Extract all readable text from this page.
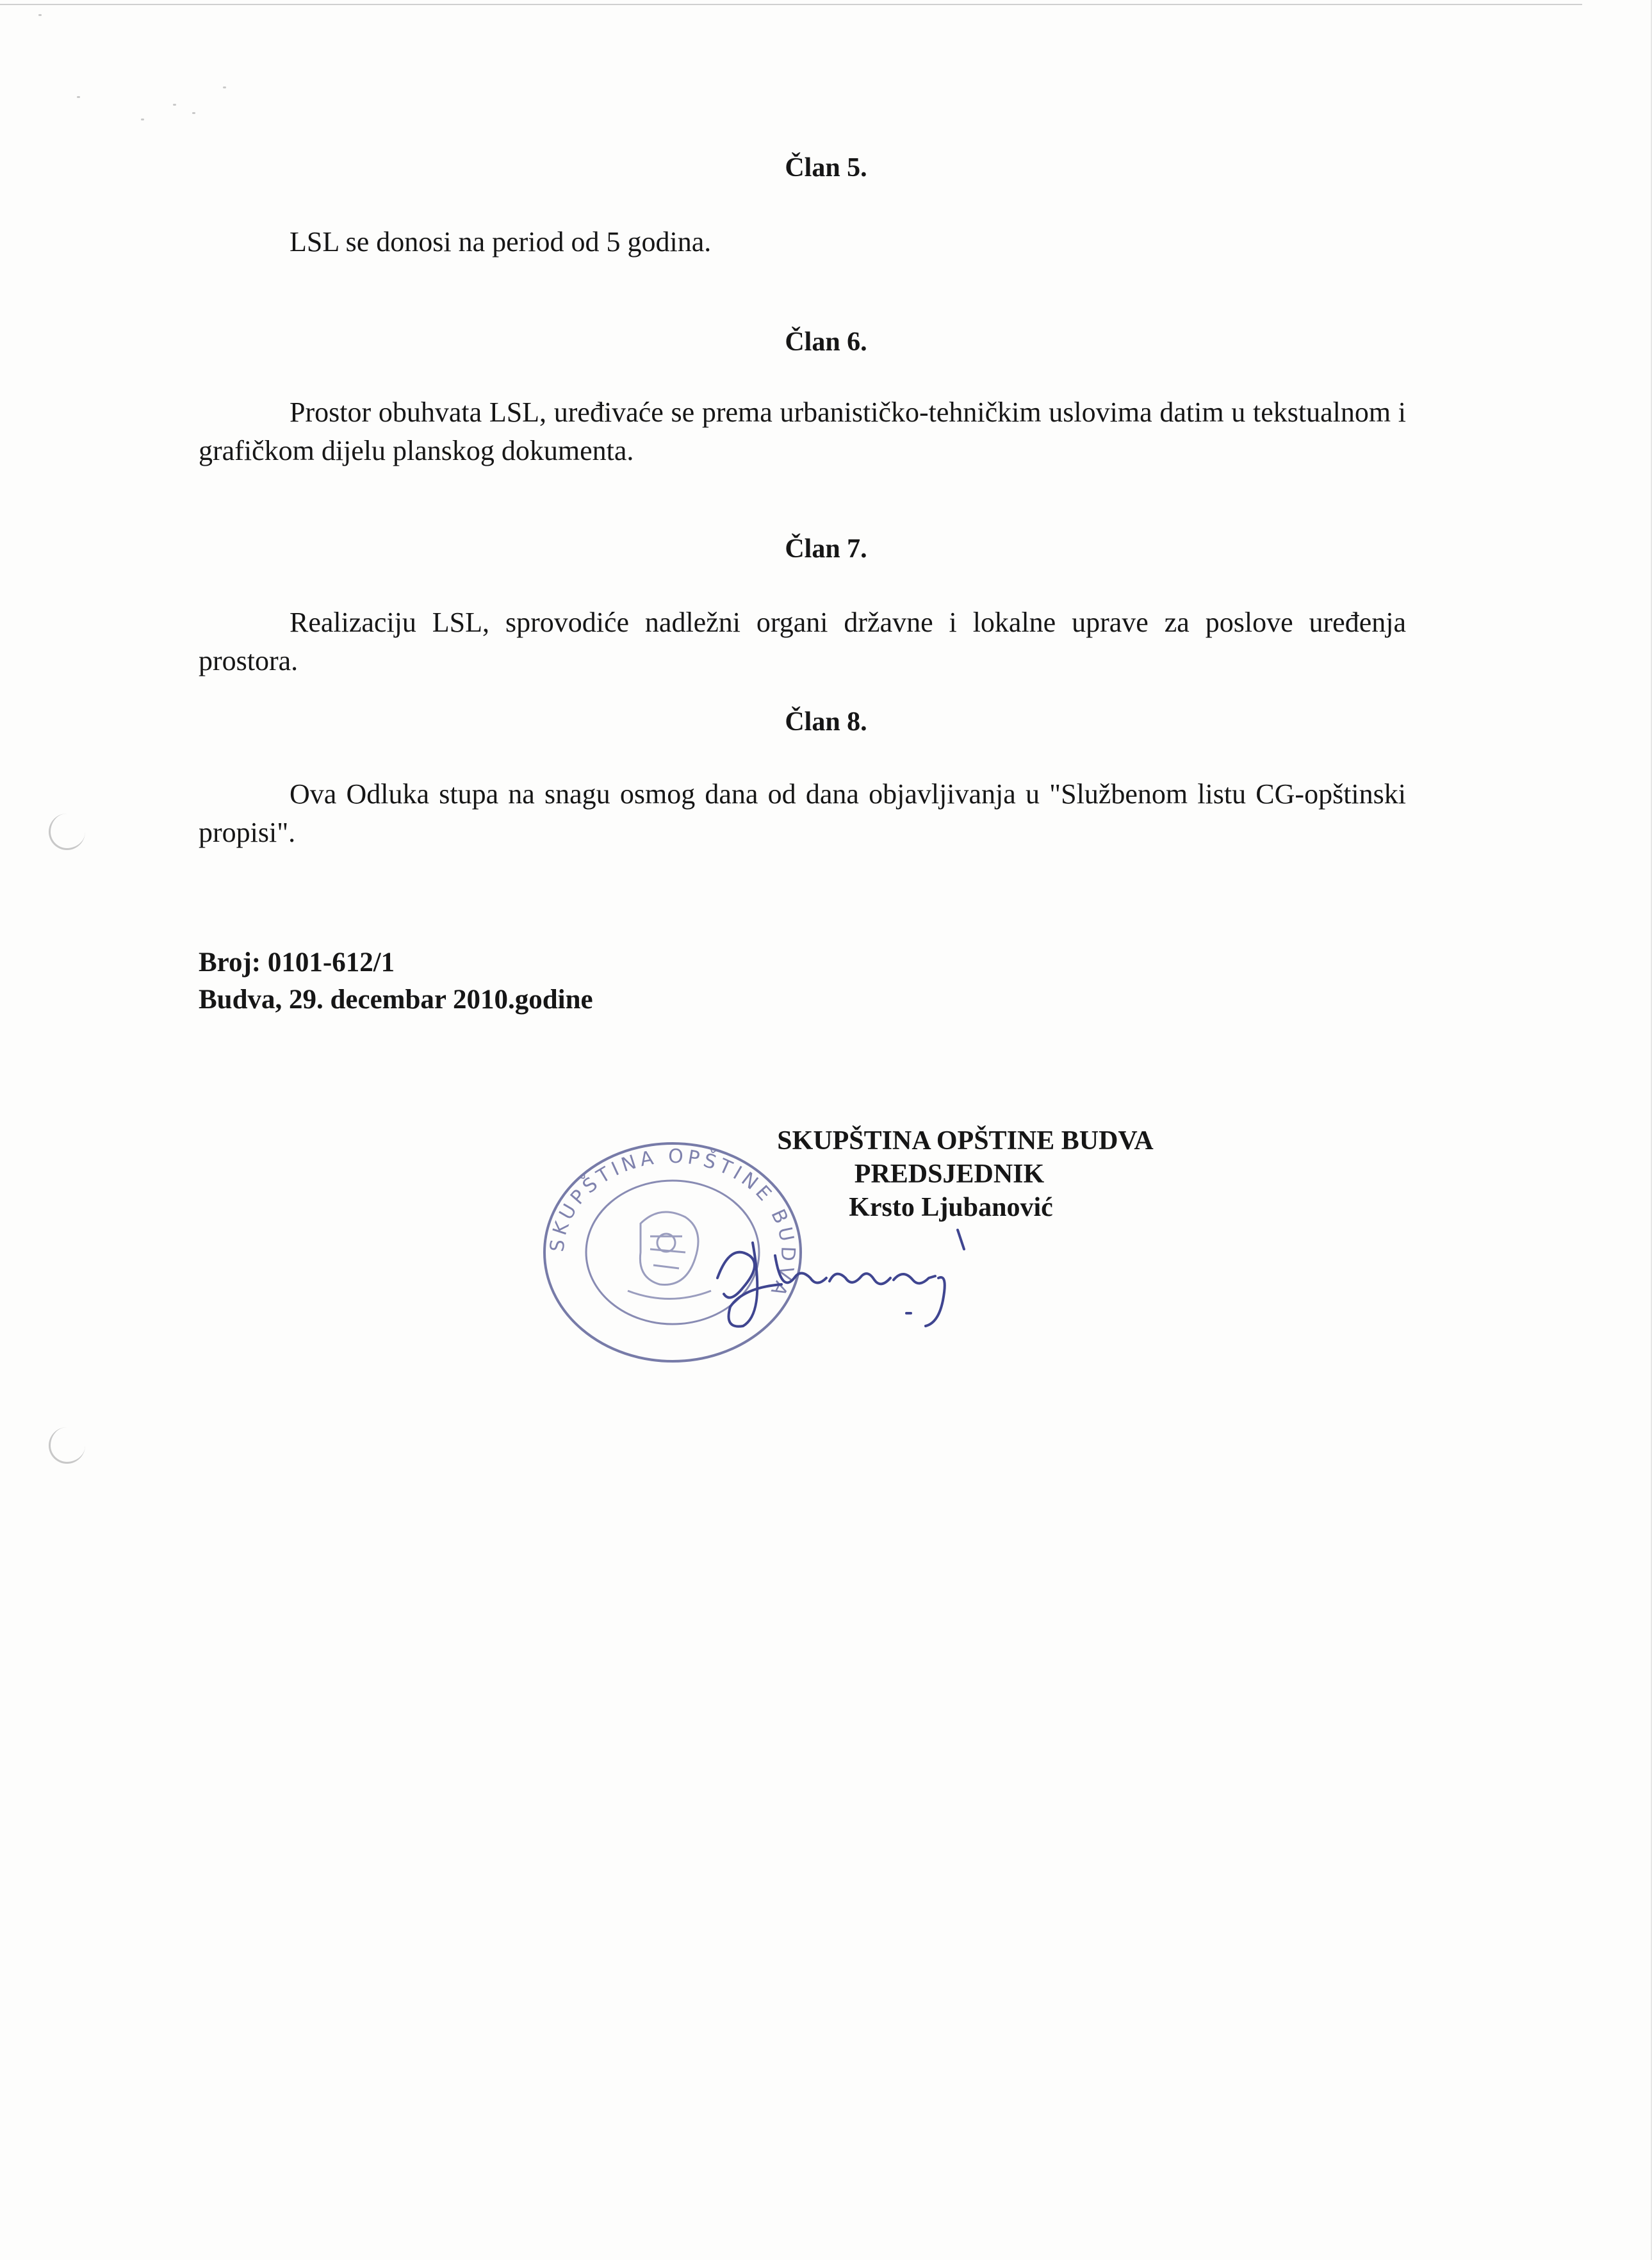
Član 5.

LSL se donosi na period od 5 godina.

Član 6.

Prostor obuhvata LSL, uređivaće se prema urbanističko-tehničkim uslovima datim u tekstualnom i grafičkom dijelu planskog dokumenta.

Član 7.

Realizaciju LSL, sprovodiće nadležni organi državne i lokalne uprave za poslove uređenja prostora.

Član 8.

Ova Odluka stupa na snagu osmog dana od dana objavljivanja u "Službenom listu CG-opštinski propisi".

Broj: 0101-612/1

Budva, 29. decembar 2010.godine

SKUPŠTINA OPŠTINE BUDVA
SKUPŠTINA OPŠTINE BUDVA
PREDSJEDNIK
Krsto Ljubanović
